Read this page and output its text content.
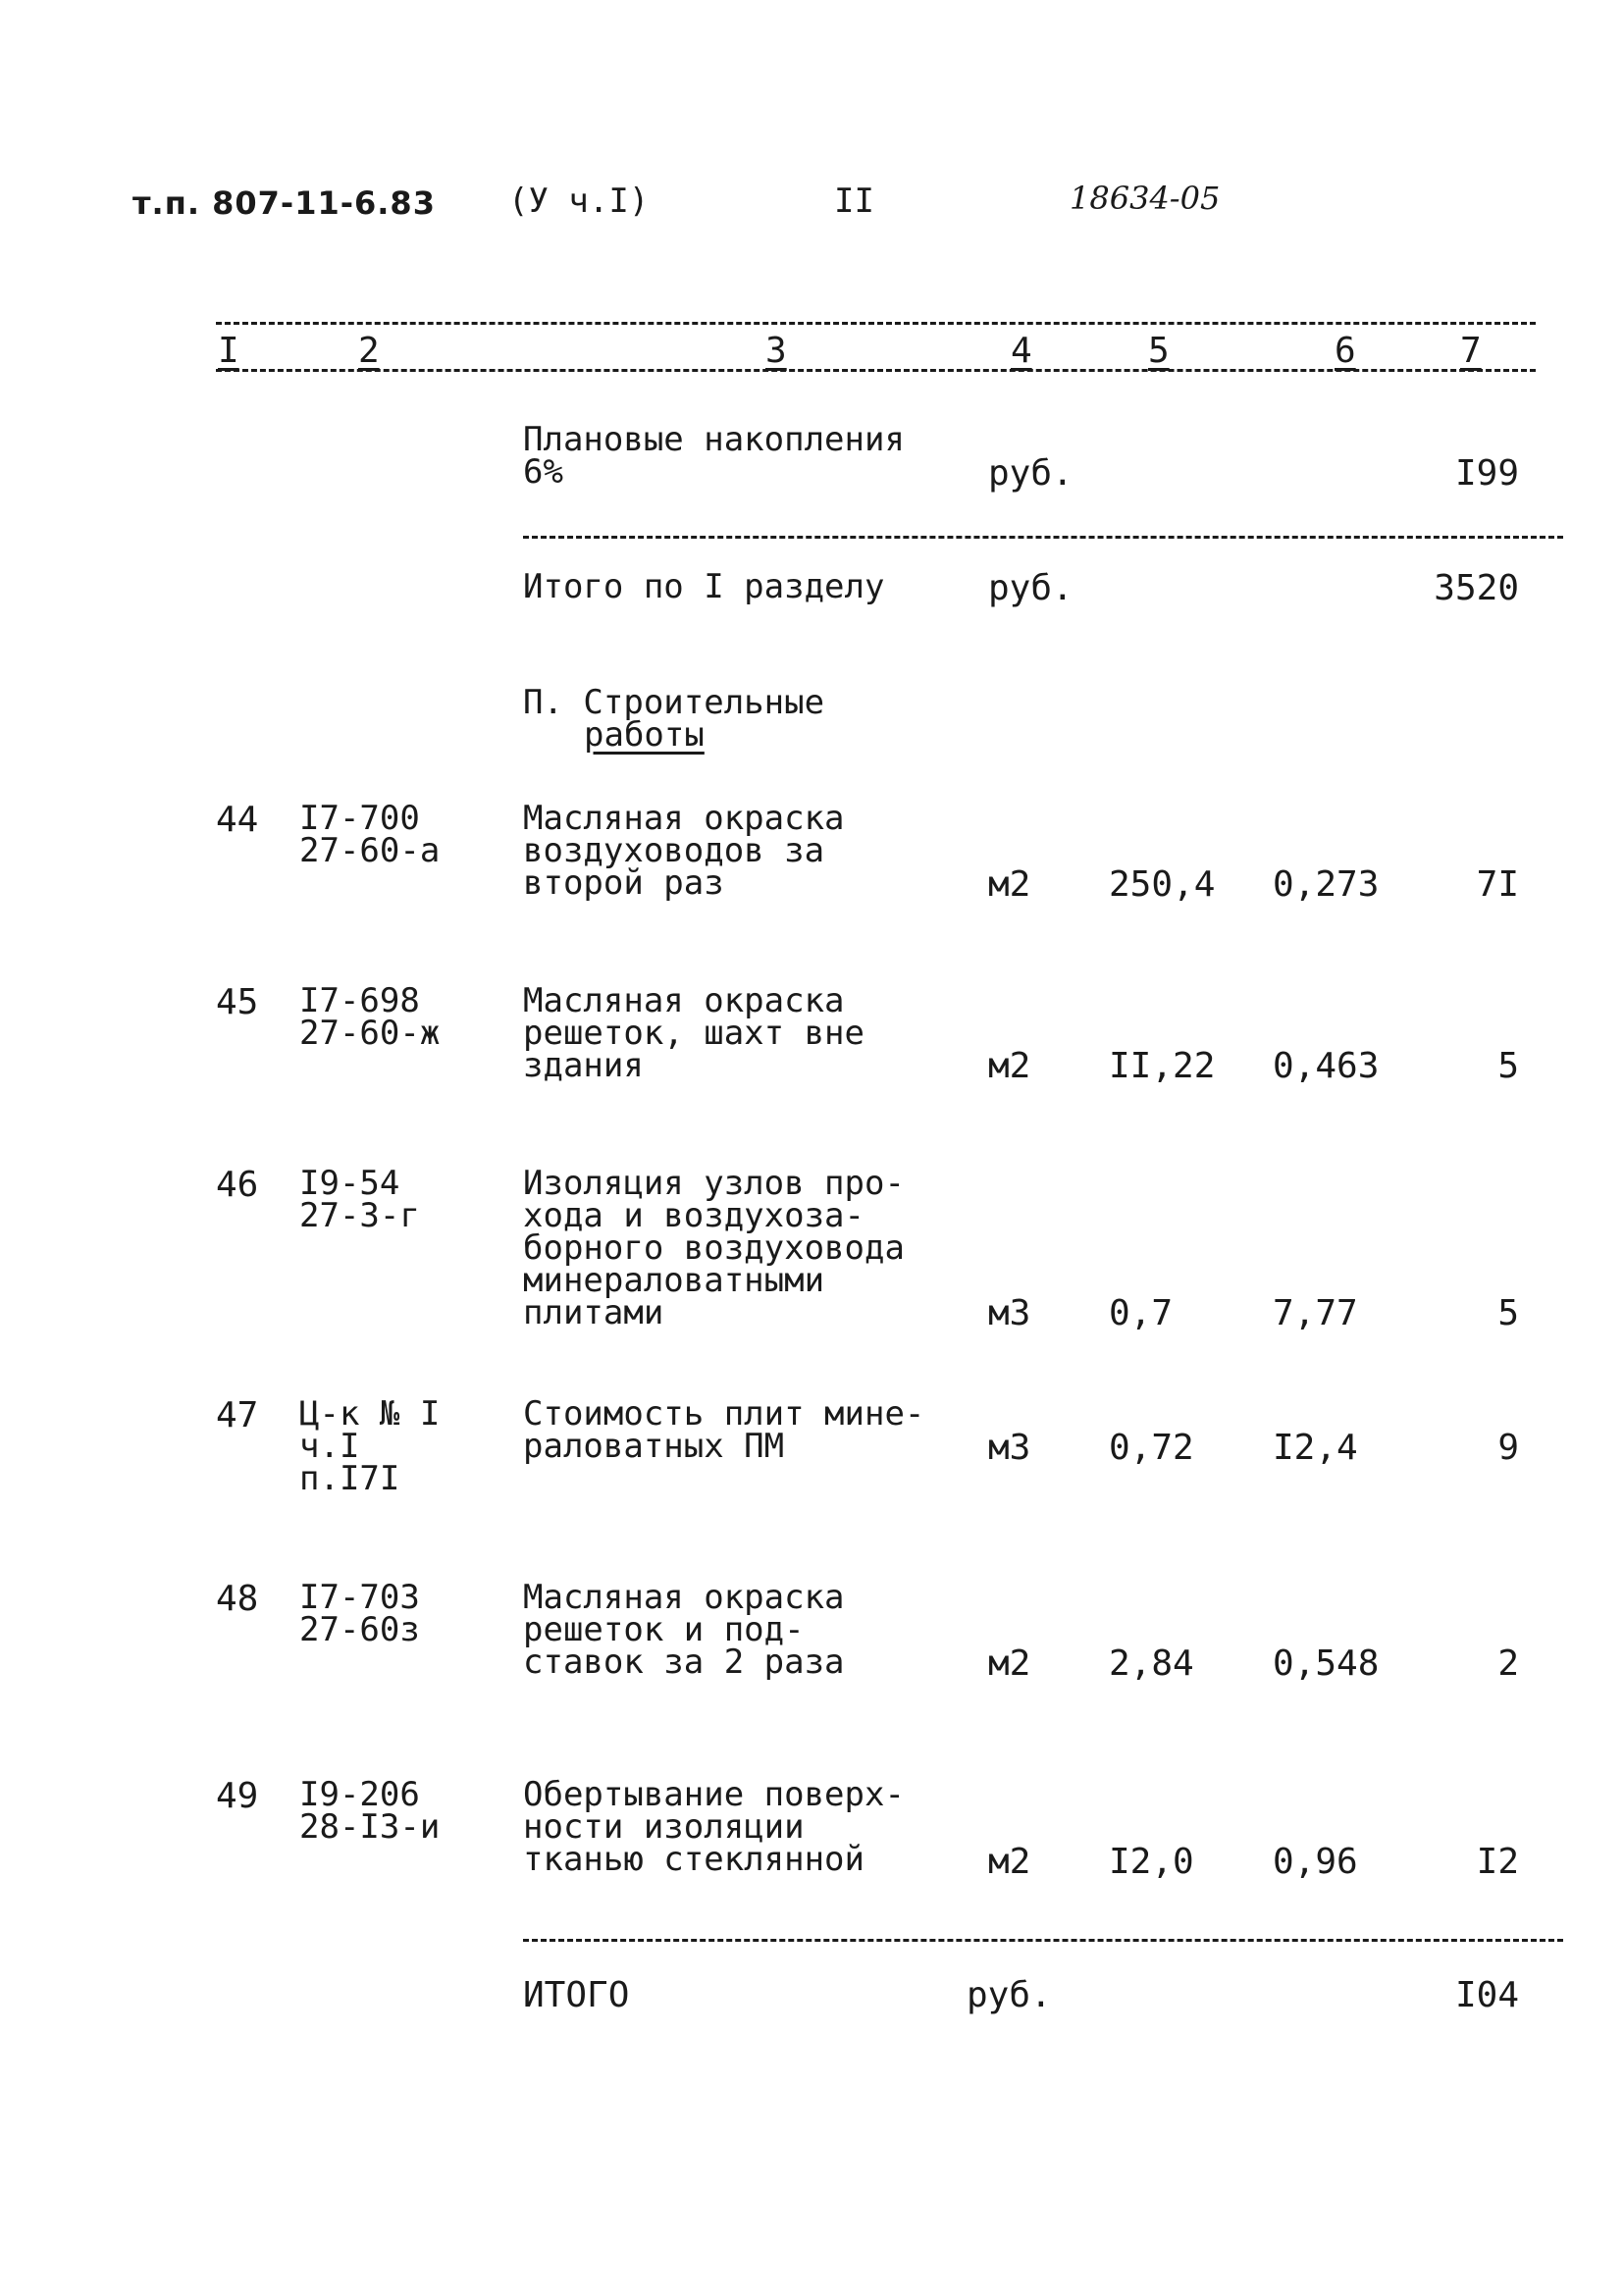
т.п. 807-11-6.83 (У ч.I)	II	18634-05
I	2	3	4	5	6	7
Плановые накопления
6%	руб.	I99
Итого по I разделу	руб.	3520
П. Строительные
работы
44 I7-700
27-60-а
Масляная окраска
воздуховодов за
второй раз	м2 250,4 0,273	7I
45 I7-698
27-60-ж
Масляная окраска
решеток, шахт вне
здания	м2 II,22 0,463	5
46 I9-54
27-3-г
Изоляция узлов про-
хода и воздухоза-
борного воздуховода
минераловатными
плитами	м3 0,7	7,77	5
47 Ц-к № I
ч.I
п.I7I
Стоимость плит мине-
раловатных ПМ	м3 0,72 I2,4	9
48 I7-703
27-60з
Масляная окраска
решеток и под-
ставок за 2 раза	м2 2,84 0,548	2
49 I9-206
28-I3-и
Обертывание поверх-
ности изоляции
тканью стеклянной	м2 I2,0 0,96	I2
ИТОГО	руб.	I04
